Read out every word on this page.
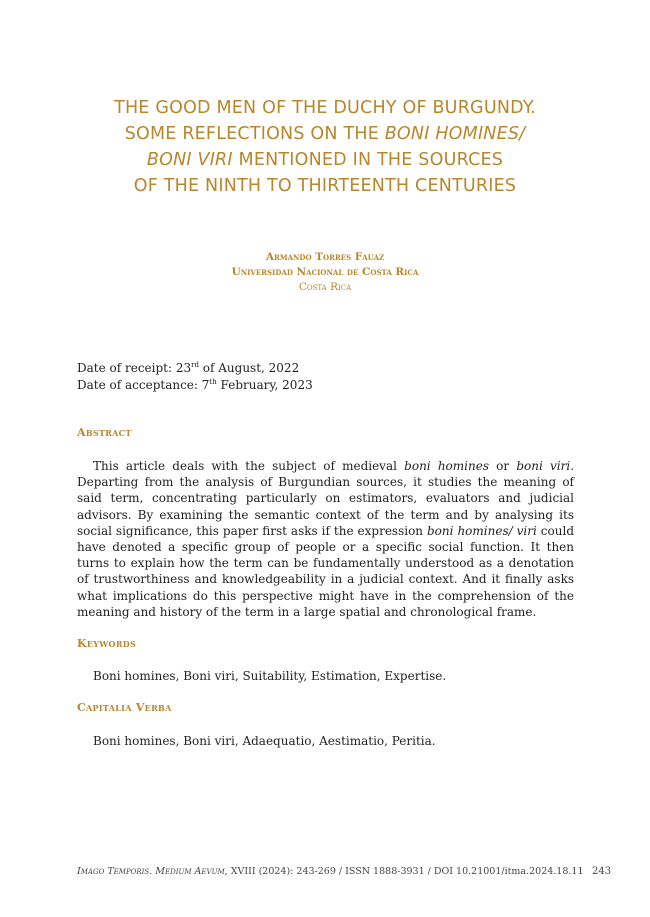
THE GOOD MEN OF THE DUCHY OF BURGUNDY.
SOME REFLECTIONS ON THE BONI HOMINES/
BONI VIRI MENTIONED IN THE SOURCES
OF THE NINTH TO THIRTEENTH CENTURIES
Armando Torres Fauaz
Universidad Nacional de Costa Rica
Costa Rica
Date of receipt: 23rd of August, 2022
Date of acceptance: 7th February, 2023
Abstract
This article deals with the subject of medieval boni homines or boni viri. Departing from the analysis of Burgundian sources, it studies the meaning of said term, concentrating particularly on estimators, evaluators and judicial advisors. By examining the semantic context of the term and by analysing its social significance, this paper first asks if the expression boni homines/ viri could have denoted a specific group of people or a specific social function. It then turns to explain how the term can be fundamentally understood as a denotation of trustworthiness and knowledgeability in a judicial context. And it finally asks what implications do this perspective might have in the comprehension of the meaning and history of the term in a large spatial and chronological frame.
Keywords
Boni homines, Boni viri, Suitability, Estimation, Expertise.
Capitalia Verba
Boni homines, Boni viri, Adaequatio, Aestimatio, Peritia.
Imago Temporis. Medium Aevum, XVIII (2024): 243-269 / ISSN 1888-3931 / DOI 10.21001/itma.2024.18.11 243
